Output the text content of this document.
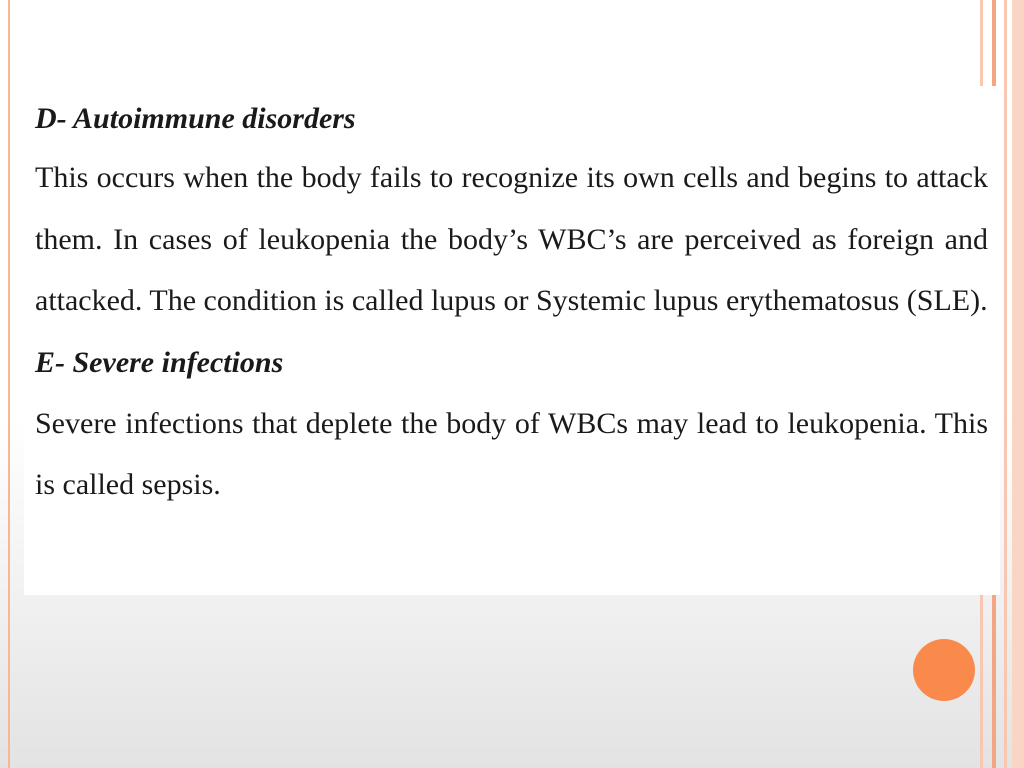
D- Autoimmune disorders

This occurs when the body fails to recognize its own cells and begins to attack them. In cases of leukopenia the body’s WBC’s are perceived as foreign and attacked. The condition is called lupus or Systemic lupus erythematosus (SLE).

E- Severe infections

Severe infections that deplete the body of WBCs may lead to leukopenia. This is called sepsis.
